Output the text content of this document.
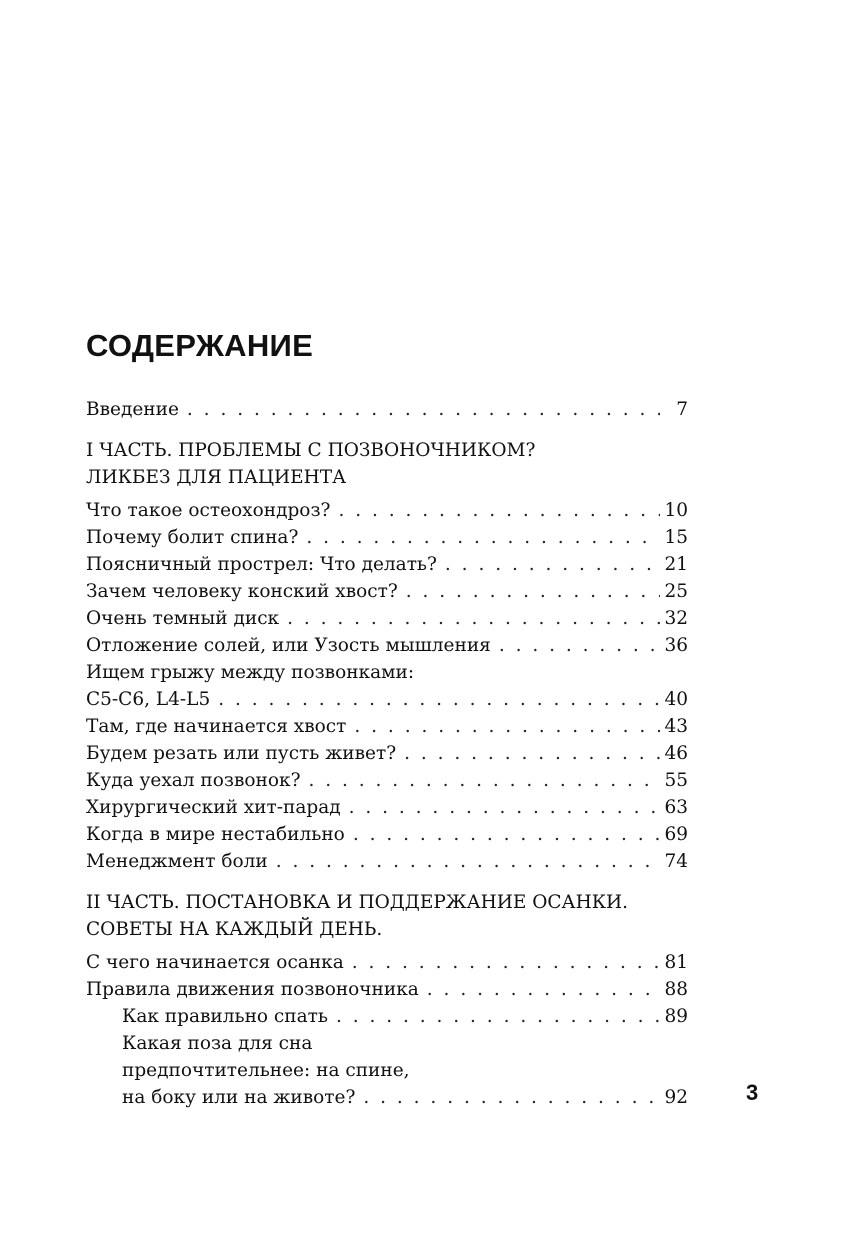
СОДЕРЖАНИЕ
Введение . . .	7
I ЧАСТЬ. ПРОБЛЕМЫ С ПОЗВОНОЧНИКОМ?
ЛИКБЕЗ ДЛЯ ПАЦИЕНТА
Что такое остеохондроз? . . .	10
Почему болит спина? . . .	15
Поясничный прострел: Что делать? . . .	21
Зачем человеку конский хвост? . . .	25
Очень темный диск . . .	32
Отложение солей, или Узость мышления . . .	36
Ищем грыжу между позвонками:
C5-C6, L4-L5 . . .	40
Там, где начинается хвост . . .	43
Будем резать или пусть живет? . . .	46
Куда уехал позвонок? . . .	55
Хирургический хит-парад . . .	63
Когда в мире нестабильно . . .	69
Менеджмент боли . . .	74
II ЧАСТЬ. ПОСТАНОВКА И ПОДДЕРЖАНИЕ ОСАНКИ.
СОВЕТЫ НА КАЖДЫЙ ДЕНЬ.
С чего начинается осанка . . .	81
Правила движения позвоночника . . .	88
Как правильно спать . . .	89
Какая поза для сна
предпочтительнее: на спине,
на боку или на животе? . . .	92	3
